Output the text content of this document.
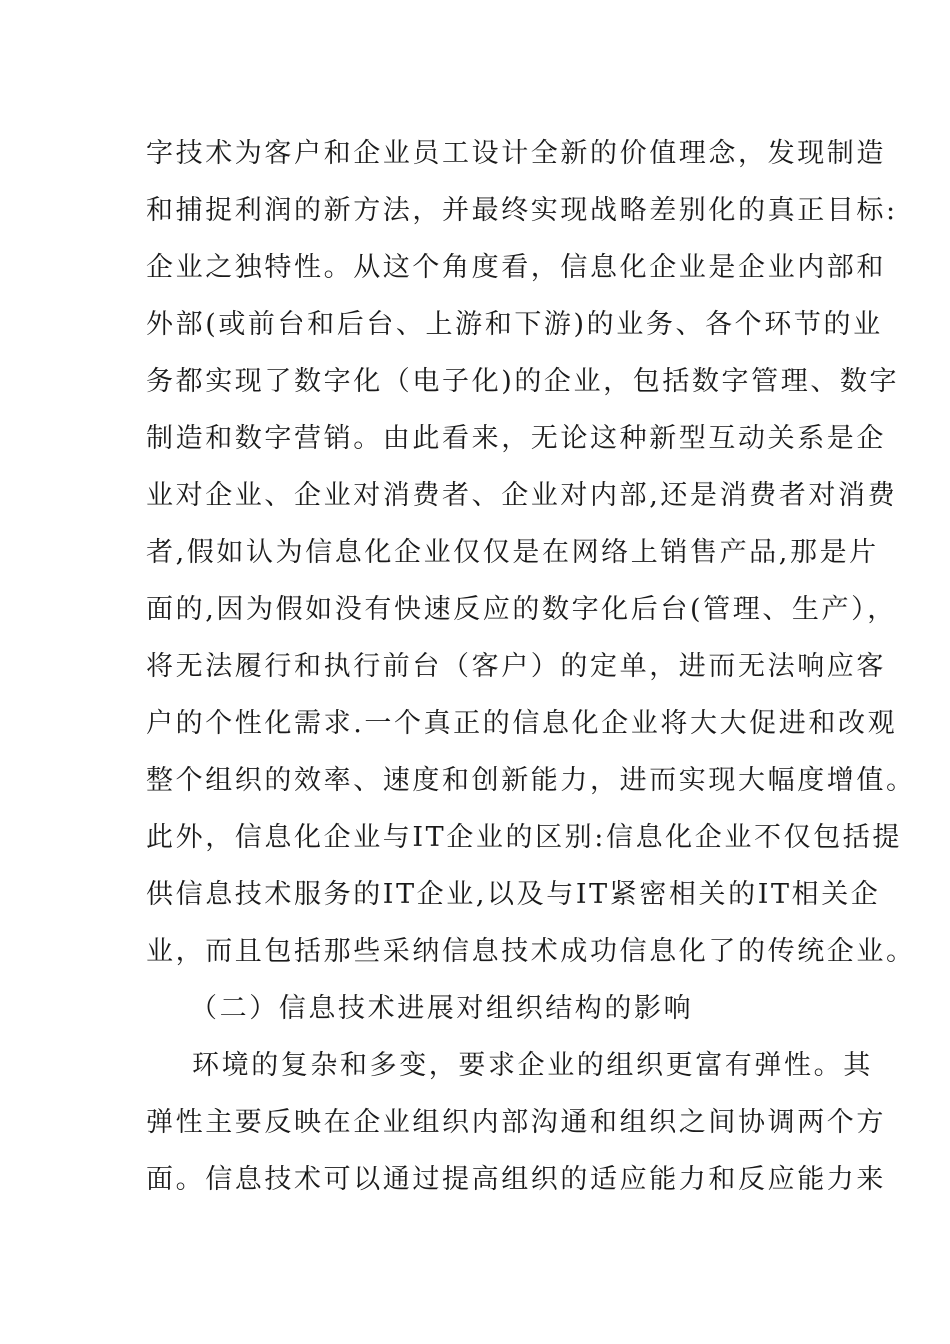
字技术为客户和企业员工设计全新的价值理念，发现制造
和捕捉利润的新方法，并最终实现战略差别化的真正目标:
企业之独特性。从这个角度看，信息化企业是企业内部和
外部(或前台和后台、上游和下游)的业务、各个环节的业
务都实现了数字化（电子化)的企业，包括数字管理、数字
制造和数字营销。由此看来，无论这种新型互动关系是企
业对企业、企业对消费者、企业对内部,还是消费者对消费
者,假如认为信息化企业仅仅是在网络上销售产品,那是片
面的,因为假如没有快速反应的数字化后台(管理、生产），
将无法履行和执行前台（客户）的定单，进而无法响应客
户的个性化需求.一个真正的信息化企业将大大促进和改观
整个组织的效率、速度和创新能力，进而实现大幅度增值。
此外，信息化企业与IT企业的区别:信息化企业不仅包括提
供信息技术服务的IT企业,以及与IT紧密相关的IT相关企
业，而且包括那些采纳信息技术成功信息化了的传统企业。
（二）信息技术进展对组织结构的影响
环境的复杂和多变，要求企业的组织更富有弹性。其
弹性主要反映在企业组织内部沟通和组织之间协调两个方
面。信息技术可以通过提高组织的适应能力和反应能力来
